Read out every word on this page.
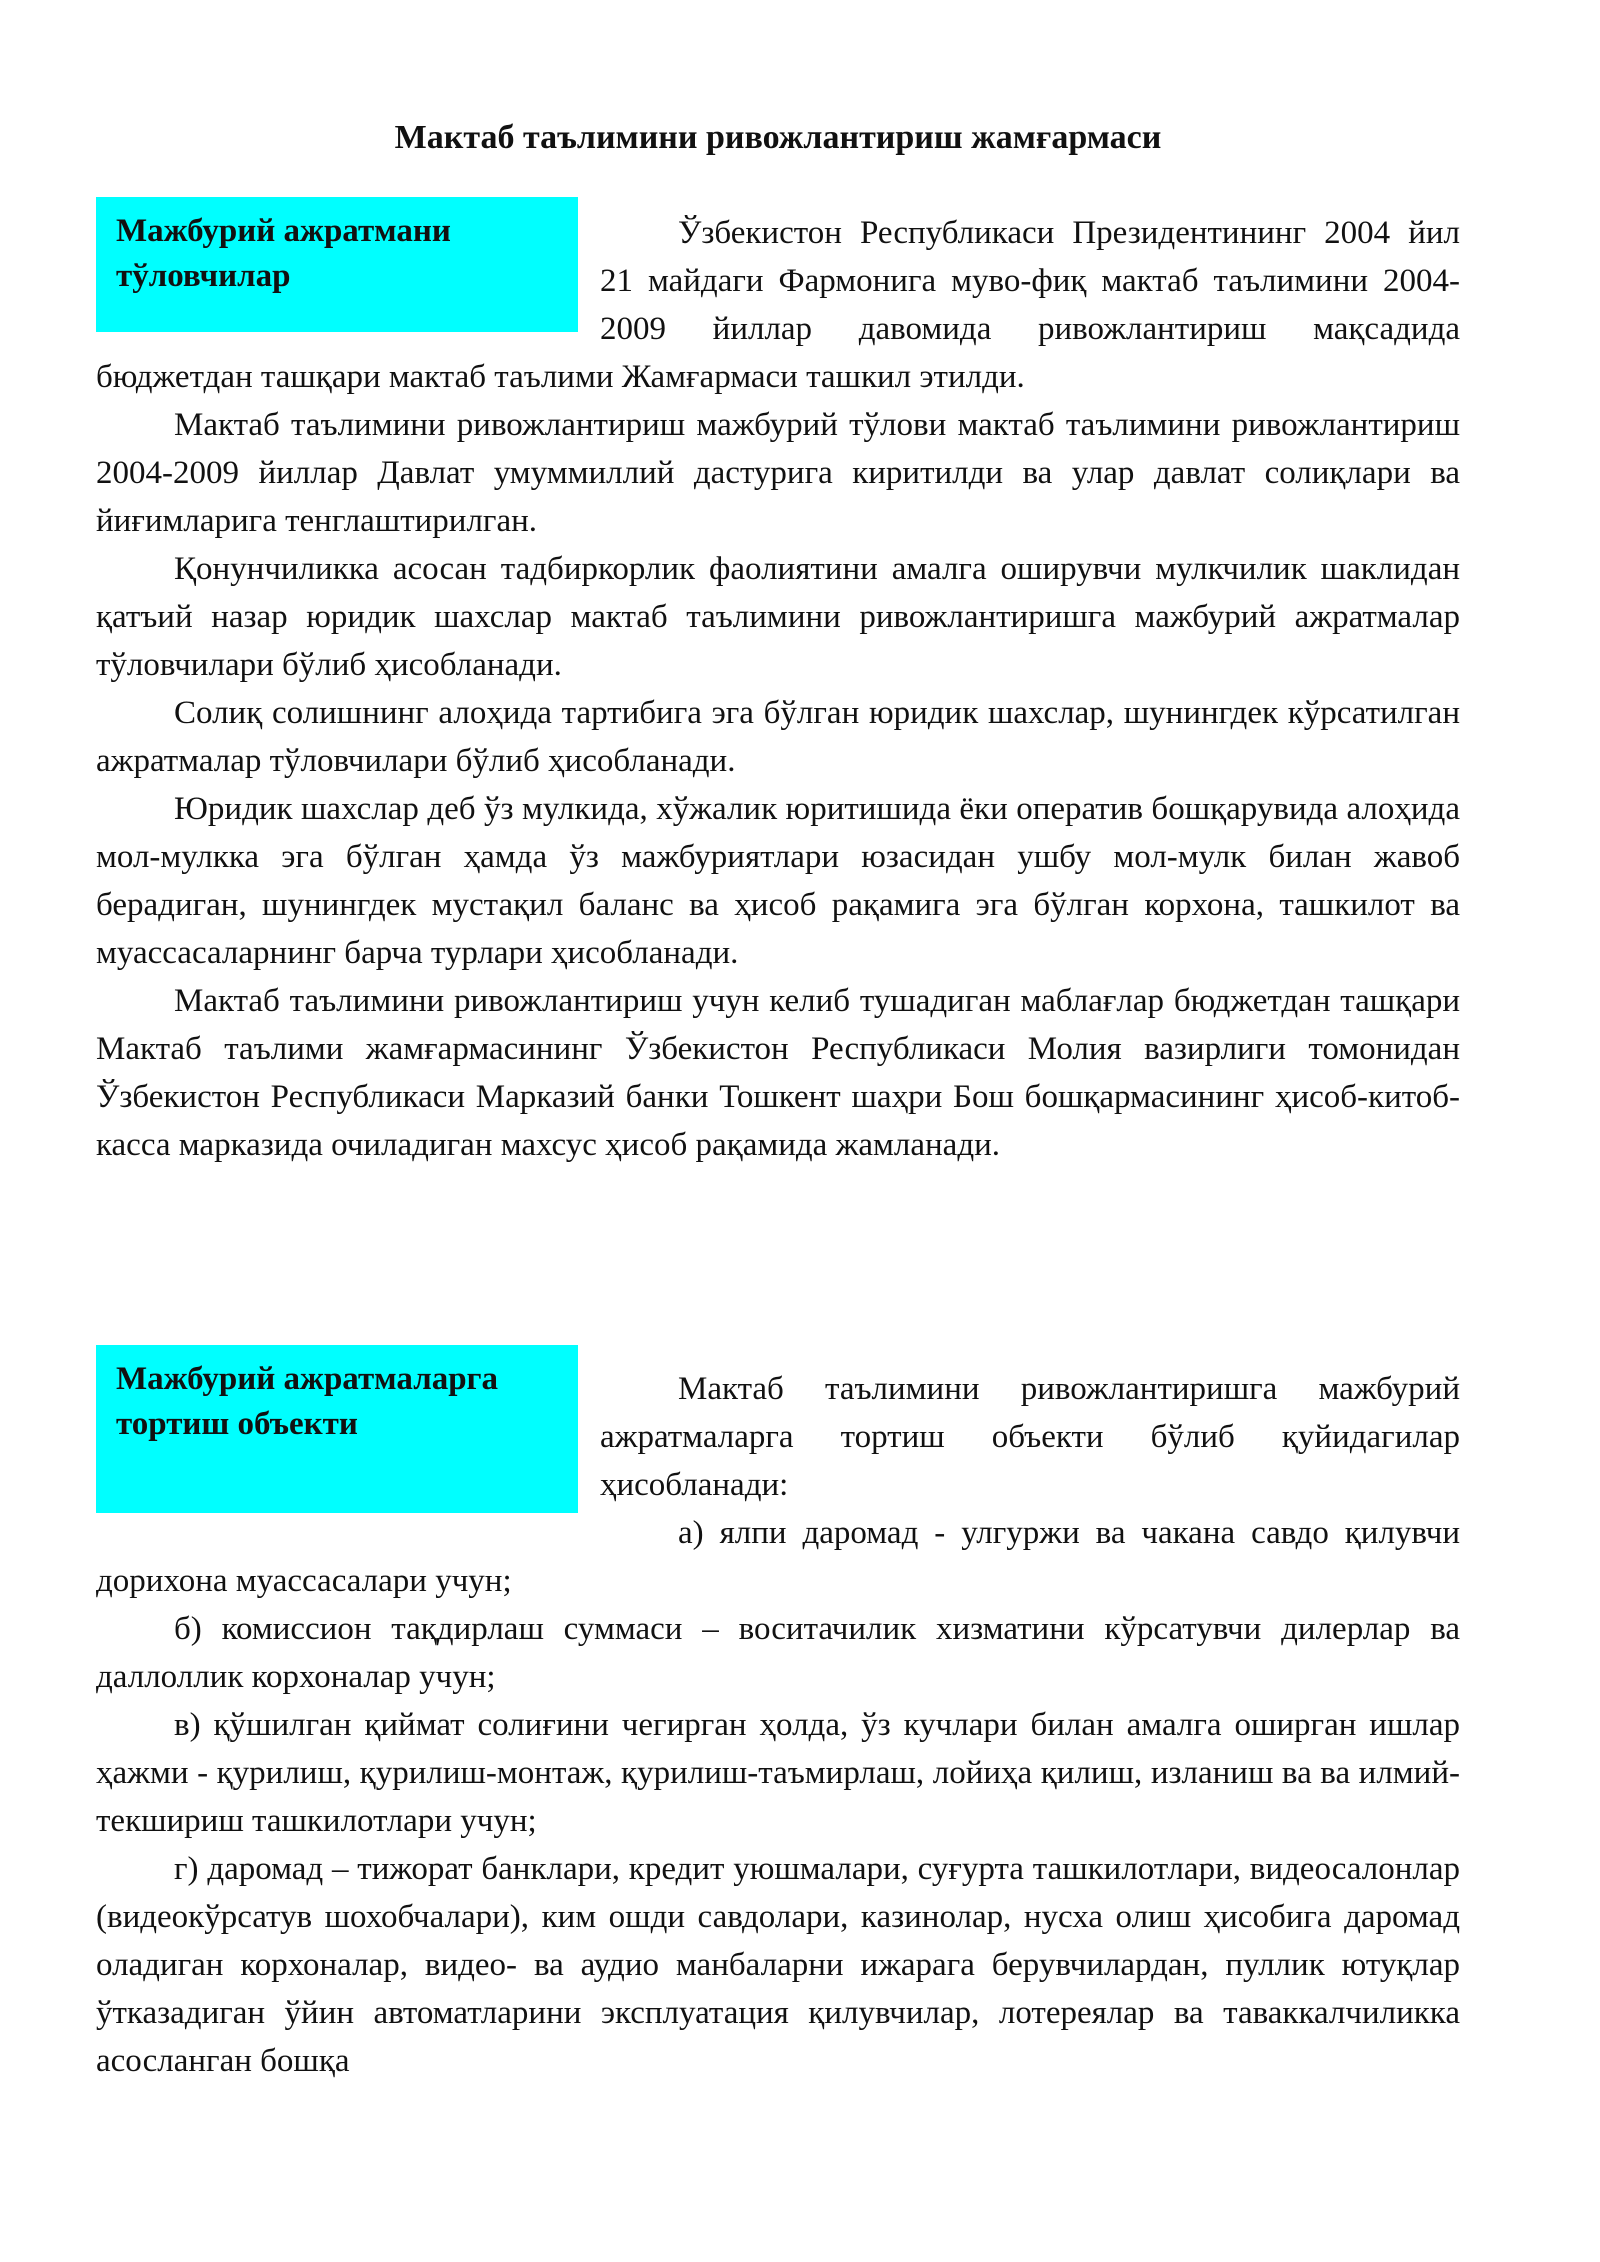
Мактаб таълимини ривожлантириш жамғармаси
Мажбурий ажратмани тўловчилар

Ўзбекистон Республикаси Президентининг 2004 йил 21 майдаги Фармонига муво-фиқ мактаб таълимини 2004-2009 йиллар давомида ривожлантириш мақсадида бюджетдан ташқари мактаб таълими Жамғармаси ташкил этилди.

Мактаб таълимини ривожлантириш мажбурий тўлови мактаб таълимини ривожлантириш 2004-2009 йиллар Давлат умуммиллий дастурига киритилди ва улар давлат солиқлари ва йиғимларига тенглаштирилган.

Қонунчиликка асосан тадбиркорлик фаолиятини амалга оширувчи мулкчилик шаклидан қатъий назар юридик шахслар мактаб таълимини ривожлантиришга мажбурий ажратмалар тўловчилари бўлиб ҳисобланади.

Солиқ солишнинг алоҳида тартибига эга бўлган юридик шахслар, шунингдек кўрсатилган ажратмалар тўловчилари бўлиб ҳисобланади.

Юридик шахслар деб ўз мулкида, хўжалик юритишида ёки оператив бошқарувида алоҳида мол-мулкка эга бўлган ҳамда ўз мажбуриятлари юзасидан ушбу мол-мулк билан жавоб берадиган, шунингдек мустақил баланс ва ҳисоб рақамига эга бўлган корхона, ташкилот ва муассасаларнинг барча турлари ҳисобланади.

Мактаб таълимини ривожлантириш учун келиб тушадиган маблағлар бюджетдан ташқари Мактаб таълими жамғармасининг Ўзбекистон Республикаси Молия вазирлиги томонидан Ўзбекистон Республикаси Марказий банки Тошкент шаҳри Бош бошқармасининг ҳисоб-китоб-касса марказида очиладиган махсус ҳисоб рақамида жамланади.

Мажбурий ажратмаларга тортиш объекти

Мактаб таълимини ривожлантиришга мажбурий ажратмаларга тортиш объекти бўлиб қуйидагилар ҳисобланади:

а) ялпи даромад - улгуржи ва чакана савдо қилувчи дорихона муассасалари учун;

б) комиссион тақдирлаш суммаси – воситачилик хизматини кўрсатувчи дилерлар ва даллоллик корхоналар учун;

в) қўшилган қиймат солиғини чегирган ҳолда, ўз кучлари билан амалга оширган ишлар ҳажми - қурилиш, қурилиш-монтаж, қурилиш-таъмирлаш, лойиҳа қилиш, изланиш ва ва илмий-текшириш ташкилотлари учун;

г) даромад – тижорат банклари, кредит уюшмалари, суғурта ташкилотлари, видеосалонлар (видеокўрсатув шохобчалари), ким ошди савдолари, казинолар, нусха олиш ҳисобига даромад оладиган корхоналар, видео- ва аудио манбаларни ижарага берувчилардан, пуллик ютуқлар ўтказадиган ўйин автоматларини эксплуатация қилувчилар, лотереялар ва таваккалчиликка асосланган бошқа
